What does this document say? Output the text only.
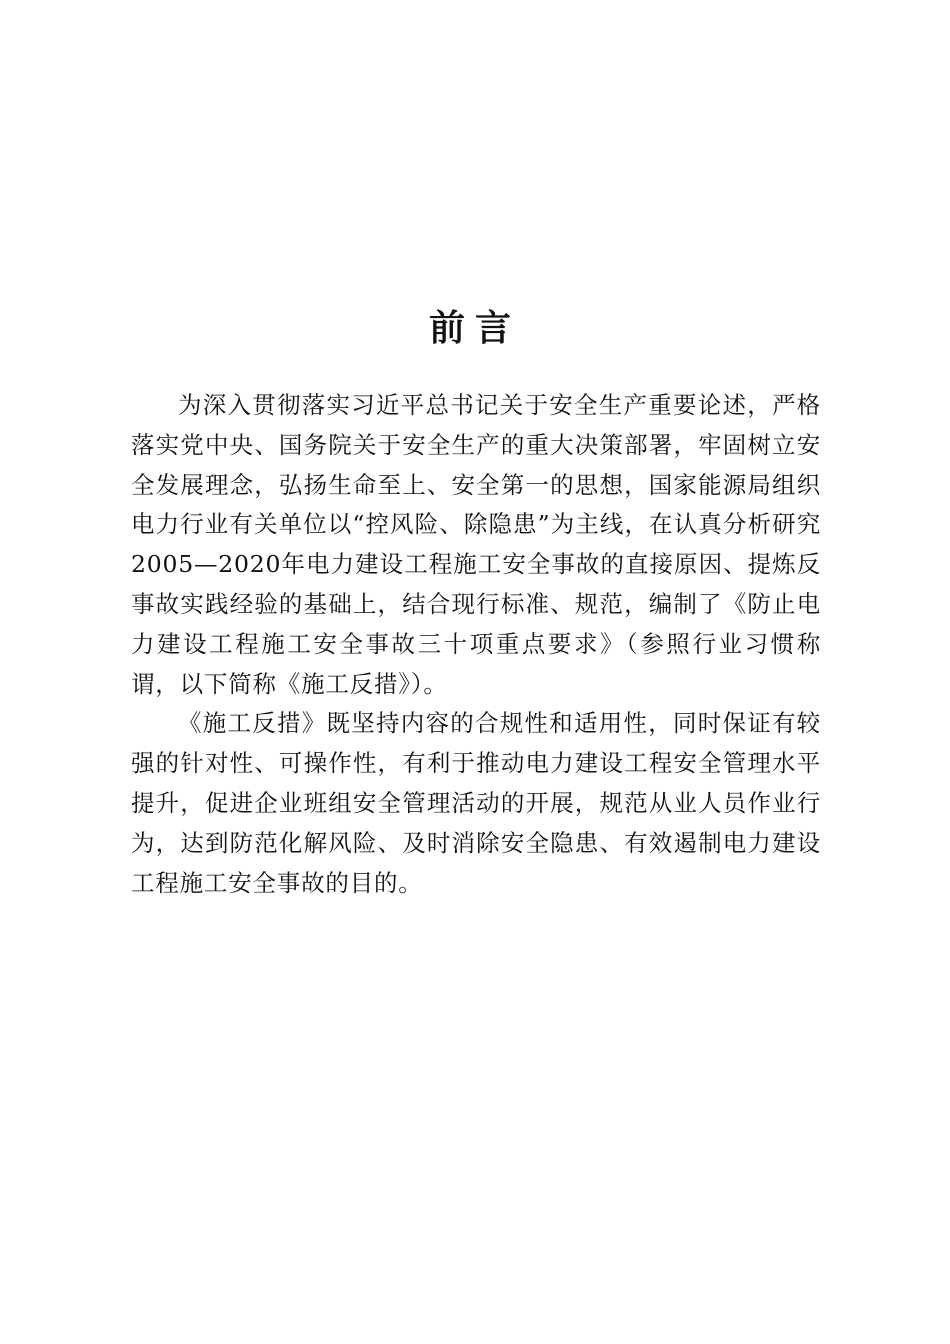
前言

为深入贯彻落实习近平总书记关于安全生产重要论述，严格落实党中央、国务院关于安全生产的重大决策部署，牢固树立安全发展理念，弘扬生命至上、安全第一的思想，国家能源局组织电力行业有关单位以“控风险、除隐患”为主线，在认真分析研究2005—2020年电力建设工程施工安全事故的直接原因、提炼反事故实践经验的基础上，结合现行标准、规范，编制了《防止电力建设工程施工安全事故三十项重点要求》（参照行业习惯称谓，以下简称《施工反措》）。

《施工反措》既坚持内容的合规性和适用性，同时保证有较强的针对性、可操作性，有利于推动电力建设工程安全管理水平提升，促进企业班组安全管理活动的开展，规范从业人员作业行为，达到防范化解风险、及时消除安全隐患、有效遏制电力建设工程施工安全事故的目的。
